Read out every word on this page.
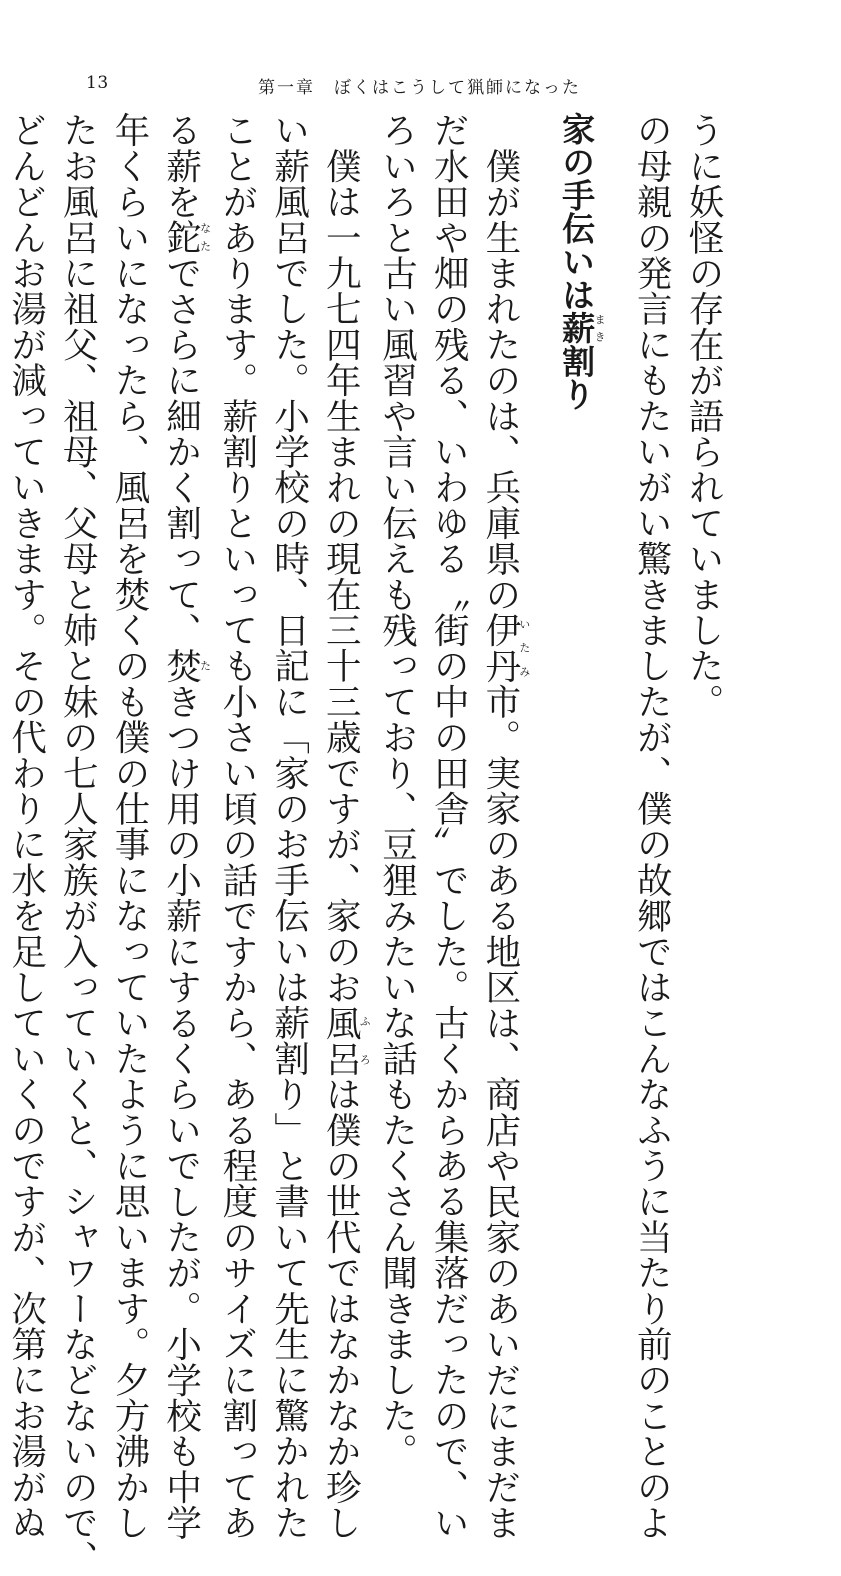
13	第一章　ぼくはこうして猟師になった
うに妖怪の存在が語られていました。
の母親の発言にもたいがい驚きましたが、僕の故郷ではこんなふうに当たり前のことのよ
家の手伝いは薪まき割り
　僕が生まれたのは、兵庫県の伊丹いたみ市。実家のある地区は、商店や民家のあいだにまだま
だ水田や畑の残る、いわゆる〝街の中の田舎〟でした。古くからある集落だったので、い
ろいろと古い風習や言い伝えも残っており、豆狸みたいな話もたくさん聞きました。
　僕は一九七四年生まれの現在三十三歳ですが、家のお風呂ふろは僕の世代ではなかなか珍し
い薪風呂でした。小学校の時、日記に「家のお手伝いは薪割り」と書いて先生に驚かれた
ことがあります。薪割りといっても小さい頃の話ですから、ある程度のサイズに割ってあ
る薪を鉈なたでさらに細かく割って、焚たきつけ用の小薪にするくらいでしたが。小学校も中学
年くらいになったら、風呂を焚くのも僕の仕事になっていたように思います。夕方沸かし
たお風呂に祖父、祖母、父母と姉と妹の七人家族が入っていくと、シャワーなどないので、
どんどんお湯が減っていきます。その代わりに水を足していくのですが、次第にお湯がぬ
